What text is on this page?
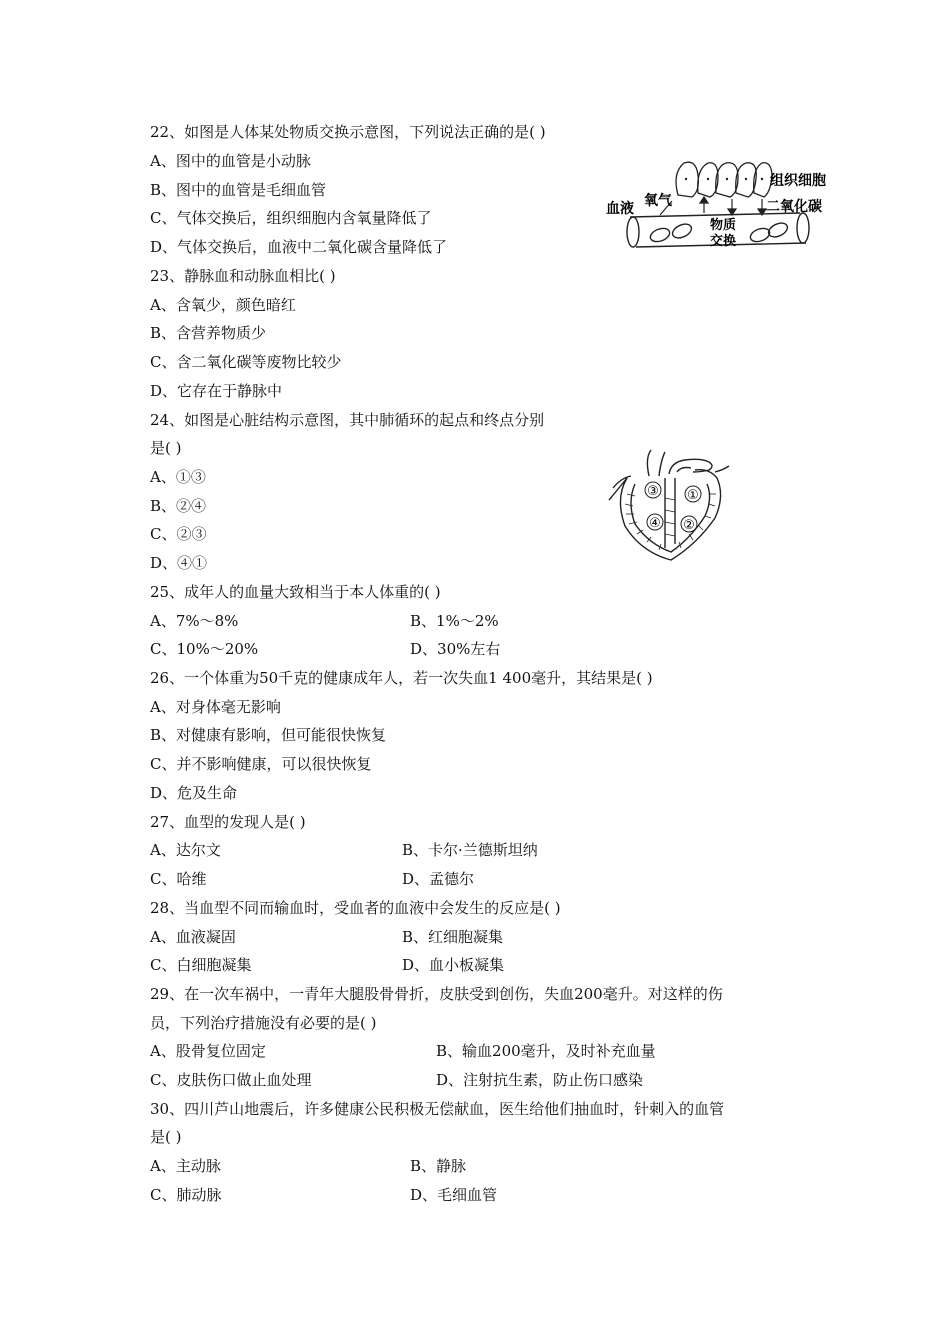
22、如图是人体某处物质交换示意图，下列说法正确的是( )
A、图中的血管是小动脉
B、图中的血管是毛细血管
C、气体交换后，组织细胞内含氧量降低了
D、气体交换后，血液中二氧化碳含量降低了
组织细胞
血液 氧气
物质
交换
二氧化碳
23、静脉血和动脉血相比( )
A、含氧少，颜色暗红
B、含营养物质少
C、含二氧化碳等废物比较少
D、它存在于静脉中
24、如图是心脏结构示意图，其中肺循环的起点和终点分别
是( )
A、①③
B、②④
C、②③
D、④①
③ ①
④ ②
25、成年人的血量大致相当于本人体重的( )
A、7%～8%	B、1%～2%
C、10%～20%	D、30%左右
26、一个体重为50千克的健康成年人，若一次失血1 400毫升，其结果是( )
A、对身体毫无影响
B、对健康有影响，但可能很快恢复
C、并不影响健康，可以很快恢复
D、危及生命
27、血型的发现人是( )
A、达尔文	B、卡尔·兰德斯坦纳
C、哈维	D、孟德尔
28、当血型不同而输血时，受血者的血液中会发生的反应是( )
A、血液凝固	B、红细胞凝集
C、白细胞凝集	D、血小板凝集
29、在一次车祸中，一青年大腿股骨骨折，皮肤受到创伤，失血200毫升。对这样的伤
员，下列治疗措施没有必要的是( )
A、股骨复位固定	B、输血200毫升，及时补充血量
C、皮肤伤口做止血处理	D、注射抗生素，防止伤口感染
30、四川芦山地震后，许多健康公民积极无偿献血，医生给他们抽血时，针刺入的血管
是( )
A、主动脉	B、静脉
C、肺动脉	D、毛细血管
